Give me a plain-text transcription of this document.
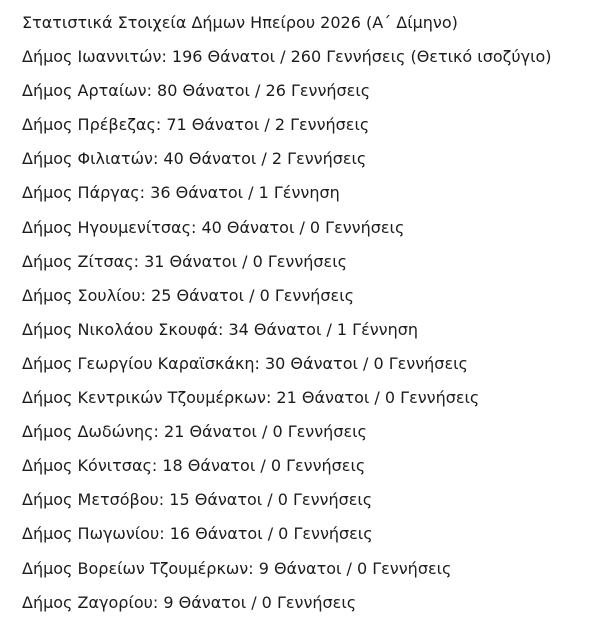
Στατιστικά Στοιχεία Δήμων Ηπείρου 2026 (Α΄ Δίμηνο)
Δήμος Ιωαννιτών: 196 Θάνατοι / 260 Γεννήσεις (Θετικό ισοζύγιο)
Δήμος Αρταίων: 80 Θάνατοι / 26 Γεννήσεις
Δήμος Πρέβεζας: 71 Θάνατοι / 2 Γεννήσεις
Δήμος Φιλιατών: 40 Θάνατοι / 2 Γεννήσεις
Δήμος Πάργας: 36 Θάνατοι / 1 Γέννηση
Δήμος Ηγουμενίτσας: 40 Θάνατοι / 0 Γεννήσεις
Δήμος Ζίτσας: 31 Θάνατοι / 0 Γεννήσεις
Δήμος Σουλίου: 25 Θάνατοι / 0 Γεννήσεις
Δήμος Νικολάου Σκουφά: 34 Θάνατοι / 1 Γέννηση
Δήμος Γεωργίου Καραϊσκάκη: 30 Θάνατοι / 0 Γεννήσεις
Δήμος Κεντρικών Τζουμέρκων: 21 Θάνατοι / 0 Γεννήσεις
Δήμος Δωδώνης: 21 Θάνατοι / 0 Γεννήσεις
Δήμος Κόνιτσας: 18 Θάνατοι / 0 Γεννήσεις
Δήμος Μετσόβου: 15 Θάνατοι / 0 Γεννήσεις
Δήμος Πωγωνίου: 16 Θάνατοι / 0 Γεννήσεις
Δήμος Βορείων Τζουμέρκων: 9 Θάνατοι / 0 Γεννήσεις
Δήμος Ζαγορίου: 9 Θάνατοι / 0 Γεννήσεις
